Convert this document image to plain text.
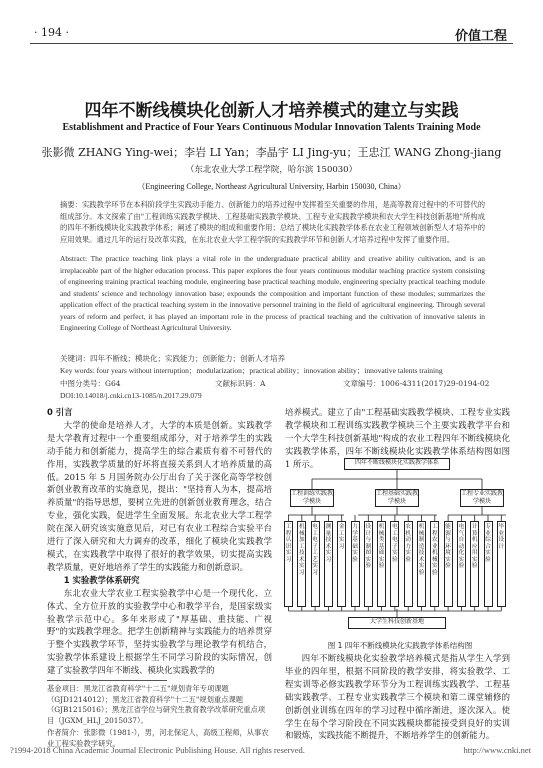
· 194 ·	价值工程
四年不断线模块化创新人才培养模式的建立与实践
Establishment and Practice of Four Years Continuous Modular Innovation Talents Training Mode
张影微 ZHANG Ying-wei；李岩 LI Yan；李晶宇 LI Jing-yu；王忠江 WANG Zhong-jiang
（东北农业大学工程学院，哈尔滨 150030）
（Engineering College, Northeast Agricultural University, Harbin 150030, China）
摘要：实践教学环节在本科阶段学生实践动手能力、创新能力的培养过程中发挥着至关重要的作用，是高等教育过程中的不可替代的组成部分。本文探索了由"工程训练实践教学模块、工程基础实践教学模块、工程专业实践教学模块和农大学生科技创新基地"所构成的四年不断线模块化实践教学体系；阐述了模块的组成和重要作用；总结了模块化实践教学体系在农业工程领域创新型人才培养中的应用效果。通过几年的运行及改革实践，在东北农业大学工程学院的实践教学环节和创新人才培养过程中发挥了重要作用。
Abstract: The practice teaching link plays a vital role in the undergraduate practical ability and creative ability cultivation, and is an irreplaceable part of the higher education process. This paper explores the four years continuous modular teaching practice system consisting of engineering training practical teaching module, engineering base practical teaching module, engineering specialty practical teaching module and students' science and technology innovation base; expounds the composition and important function of these modules; summarizes the application effect of the practical teaching system in the innovative personnel training in the field of agricultural engineering. Through several years of reform and perfect, it has played an important role in the process of practical teaching and the cultivation of innovative talents in Engineering College of Northeast Agricultural University.
关键词：四年不断线；模块化；实践能力；创新能力；创新人才培养
Key words: four years without interruption；modularization；practical ability；innovation ability；innovative talents training
中图分类号：G64	文献标识码：A	文章编号：1006-4311(2017)29-0194-02
DOI:10.14018/j.cnki.cn13-1085/n.2017.29.079
0 引言
大学的使命是培养人才，大学的本质是创新。实践教学是大学教育过程中一个重要组成部分，对于培养学生的实践动手能力和创新能力，提高学生的综合素质有着不可替代的作用，实践教学质量的好坏将直接关系到人才培养质量的高低。2015 年 5 月国务院办公厅出台了关于深化高等学校创新创业教育改革的实施意见，提出："坚持育人为本，提高培养质量"的指导思想，要树立先进的创新创业教育理念，结合专业，强化实践，促进学生全面发展。东北农业大学工程学院在深入研究该实施意见后，对已有农业工程综合实验平台进行了深入研究和大力调弃的改革，细化了模块化实践教学模式，在实践教学中取得了很好的教学效果，切实提高实践教学质量，更好地培养了学生的实践能力和创新意识。
1 实验教学体系研究
东北农业大学农业工程实验教学中心是一个现代化、立体式、全方位开放的实验教学中心和教学平台，是国家级实验教学示范中心。多年来形成了"厚基础、重技能、广视野"的实践教学理念。把学生创新精神与实践能力的培养贯穿于整个实践教学环节，坚持实验教学与理论教学有机结合，实验教学体系建设上根据学生不同学习阶段的实际情况，创建了实验教学四年不断线、模块化实践教学的
培养模式。建立了由"工程基础实践教学模块、工程专业实践教学模块和工程训练实践教学模块三个主要实践教学平台和一个大学生科技创新基地"构成的农业工程四年不断线模块化实践教学体系，四年不断线模块化实践教学体系结构图如图 1 所示。	四年不断线模块化实践教学体系
工程训练实践教学模块
工程基础实践教学模块
工程专业实践教学模块
工程认识实习
机械加工技术实习
电工电子工艺实习
测量技术实习
金工实习
力学基础实验
设计与制图实验
机械类基础实验
电工电子实验
农机动力实验
机械制造技术实验
工程农业机械实验
能源与环境实验
电气自动化实验
计算机应用实验
专业综合实验
毕业设计
大学生科技创新基地
图 1 四年不断线模块化实践教学体系结构图
四年不断线模块化实验教学培养模式是指从学生入学到毕业的四年里，根据不同阶段的教学安排，将实验教学、工程实训等必修实践教学环节分为工程训练实践教学、工程基础实践教学、工程专业实践教学三个模块和第二课堂辅修的创新创业训练在四年的学习过程中循序渐进，逐次深入。使学生在每个学习阶段在不同实践模块都能接受到良好的实训和锻炼，实践技能不断提升，不断培养学生的创新能力。
基金项目：黑龙江省教育科学"十二五"规划青年专项课题（GJD1214012）；黑龙江省教育科学"十二五"规划重点课题（GJB1215016）；黑龙江省学位与研究生教育教学改革研究重点项目（JGXM_HLJ_2015037）。
作者简介：张影微（1981-），男，河北保定人，高级工程师，从事农业工程实验教学研究。
?1994-2018 China Academic Journal Electronic Publishing House. All rights reserved.	http://www.cnki.net
